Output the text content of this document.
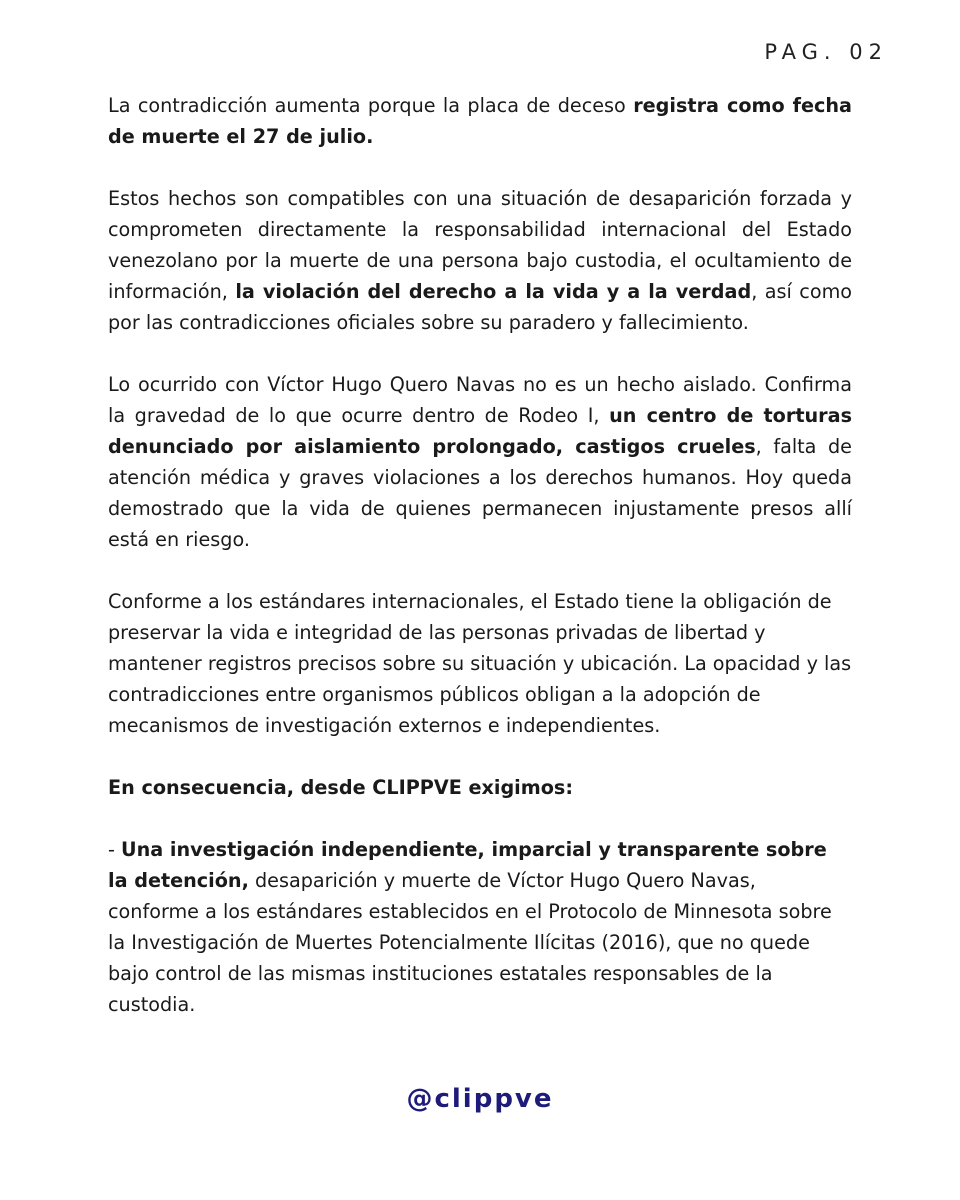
PAG. 02

La contradicción aumenta porque la placa de deceso registra como fecha de muerte el 27 de julio.

Estos hechos son compatibles con una situación de desaparición forzada y comprometen directamente la responsabilidad internacional del Estado venezolano por la muerte de una persona bajo custodia, el ocultamiento de información, la violación del derecho a la vida y a la verdad, así como por las contradicciones oficiales sobre su paradero y fallecimiento.

Lo ocurrido con Víctor Hugo Quero Navas no es un hecho aislado. Confirma la gravedad de lo que ocurre dentro de Rodeo I, un centro de torturas denunciado por aislamiento prolongado, castigos crueles, falta de atención médica y graves violaciones a los derechos humanos. Hoy queda demostrado que la vida de quienes permanecen injustamente presos allí está en riesgo.

Conforme a los estándares internacionales, el Estado tiene la obligación de preservar la vida e integridad de las personas privadas de libertad y mantener registros precisos sobre su situación y ubicación. La opacidad y las contradicciones entre organismos públicos obligan a la adopción de mecanismos de investigación externos e independientes.

En consecuencia, desde CLIPPVE exigimos:

- Una investigación independiente, imparcial y transparente sobre la detención, desaparición y muerte de Víctor Hugo Quero Navas, conforme a los estándares establecidos en el Protocolo de Minnesota sobre la Investigación de Muertes Potencialmente Ilícitas (2016), que no quede bajo control de las mismas instituciones estatales responsables de la custodia.

@clippve
